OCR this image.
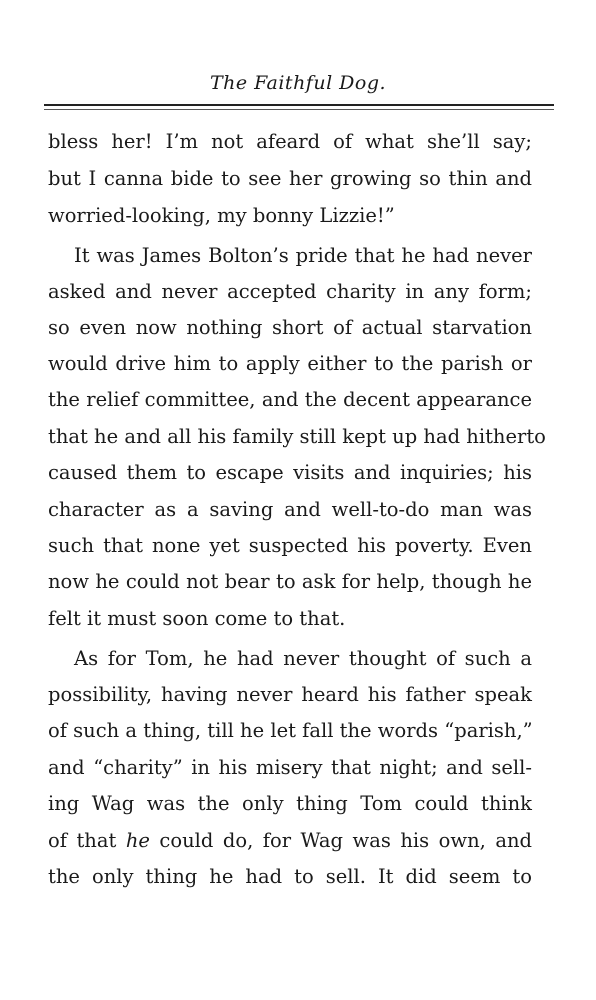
The Faithful Dog.
bless her! I’m not afeard of what she’ll say;
but I canna bide to see her growing so thin and
worried-looking, my bonny Lizzie!”
It was James Bolton’s pride that he had never
asked and never accepted charity in any form;
so even now nothing short of actual starvation
would drive him to apply either to the parish or
the relief committee, and the decent appearance
that he and all his family still kept up had hitherto
caused them to escape visits and inquiries; his
character as a saving and well-to-do man was
such that none yet suspected his poverty. Even
now he could not bear to ask for help, though he
felt it must soon come to that.
As for Tom, he had never thought of such a
possibility, having never heard his father speak
of such a thing, till he let fall the words “parish,”
and “charity” in his misery that night; and sell-
ing Wag was the only thing Tom could think
of that he could do, for Wag was his own, and
the only thing he had to sell. It did seem to
